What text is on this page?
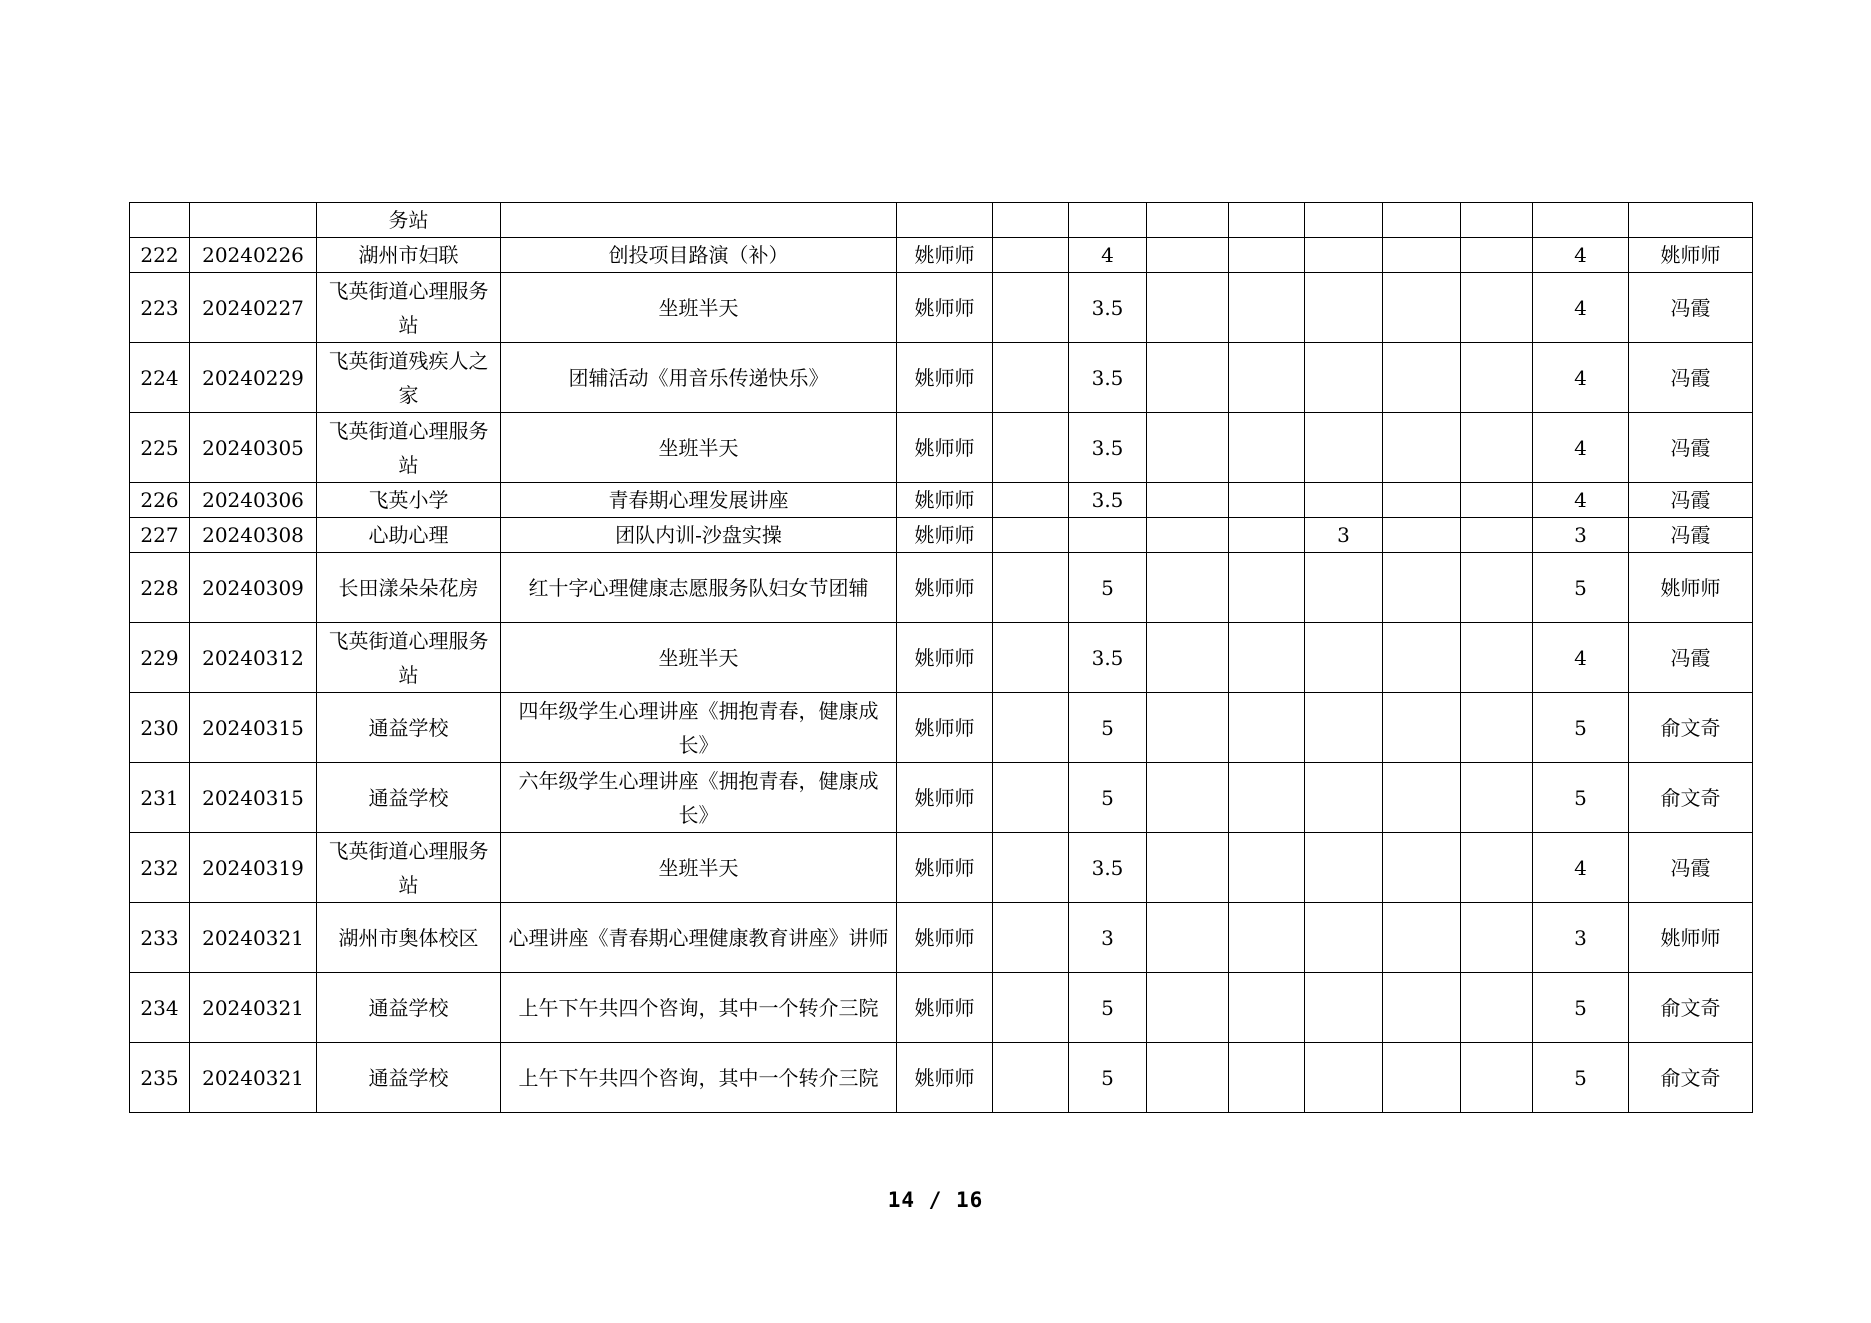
		务站											
222	20240226	湖州市妇联	创投项目路演（补）	姚师师		4						4	姚师师
223	20240227	飞英街道心理服务站	坐班半天	姚师师		3.5						4	冯霞
224	20240229	飞英街道残疾人之家	团辅活动《用音乐传递快乐》	姚师师		3.5						4	冯霞
225	20240305	飞英街道心理服务站	坐班半天	姚师师		3.5						4	冯霞
226	20240306	飞英小学	青春期心理发展讲座	姚师师		3.5						4	冯霞
227	20240308	心助心理	团队内训-沙盘实操	姚师师					3			3	冯霞
228	20240309	长田漾朵朵花房	红十字心理健康志愿服务队妇女节团辅	姚师师		5						5	姚师师
229	20240312	飞英街道心理服务站	坐班半天	姚师师		3.5						4	冯霞
230	20240315	通益学校	四年级学生心理讲座《拥抱青春，健康成长》	姚师师		5						5	俞文奇
231	20240315	通益学校	六年级学生心理讲座《拥抱青春，健康成长》	姚师师		5						5	俞文奇
232	20240319	飞英街道心理服务站	坐班半天	姚师师		3.5						4	冯霞
233	20240321	湖州市奥体校区	心理讲座《青春期心理健康教育讲座》讲师	姚师师		3						3	姚师师
234	20240321	通益学校	上午下午共四个咨询，其中一个转介三院	姚师师		5						5	俞文奇
235	20240321	通益学校	上午下午共四个咨询，其中一个转介三院	姚师师		5						5	俞文奇
14 / 16
